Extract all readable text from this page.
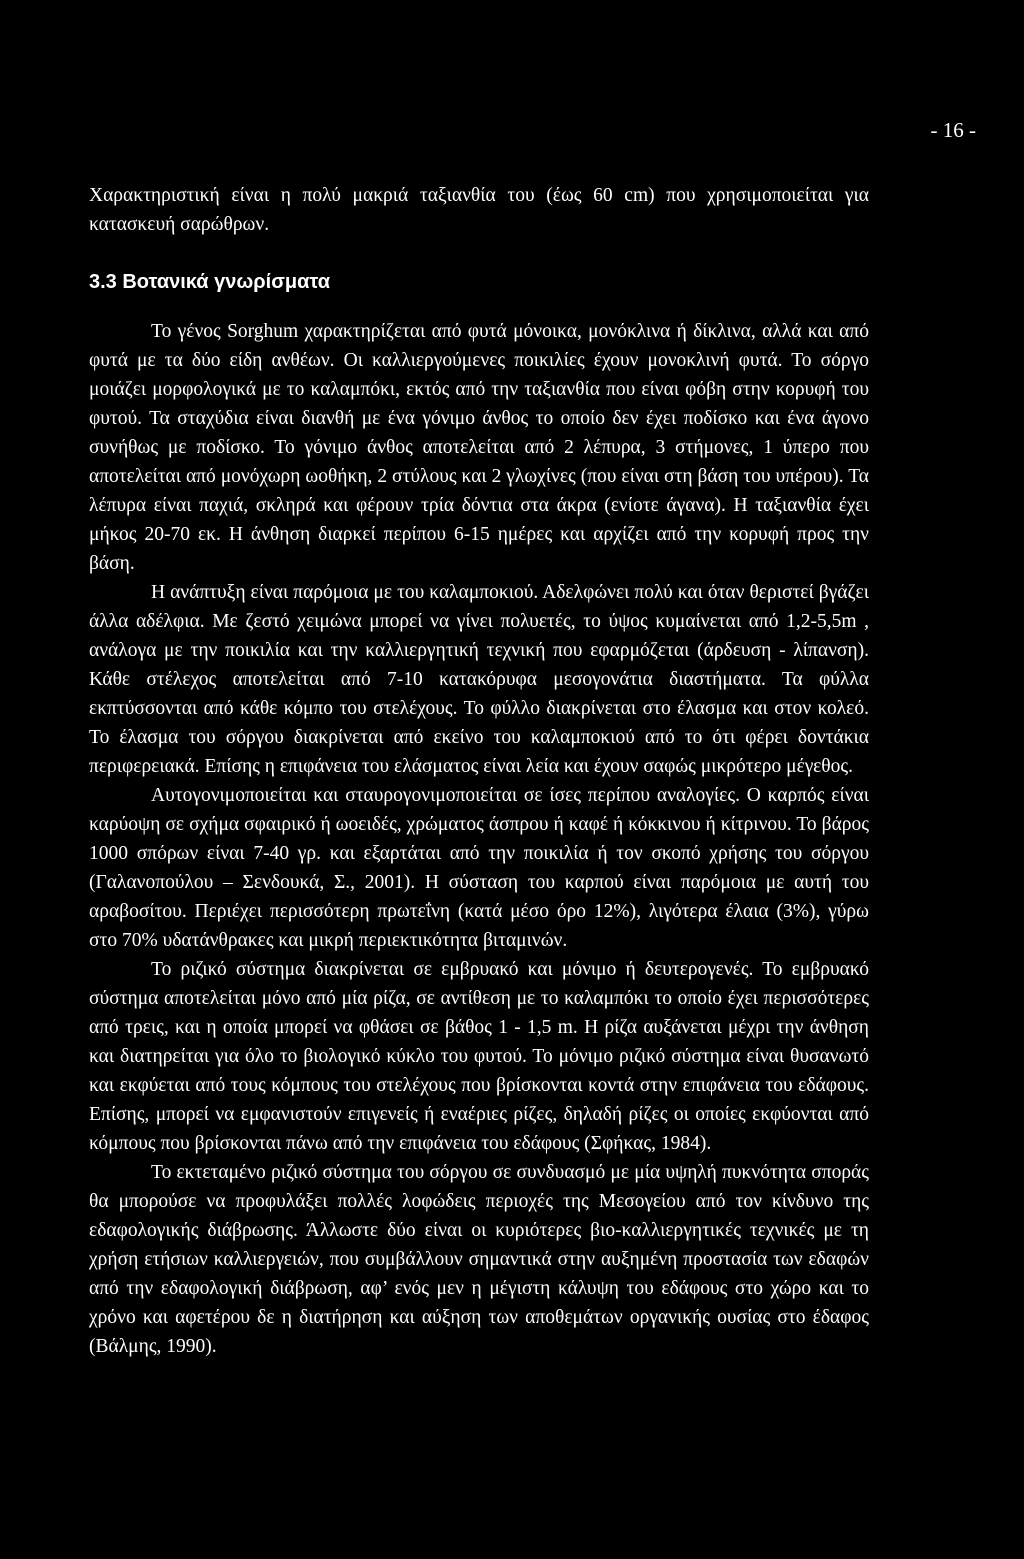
- 16 -

Χαρακτηριστική είναι η πολύ μακριά ταξιανθία του (έως 60 cm) που χρησιμοποιείται για κατασκευή σαρώθρων.

3.3 Βοτανικά γνωρίσματα

Το γένος Sorghum χαρακτηρίζεται από φυτά μόνοικα, μονόκλινα ή δίκλινα, αλλά και από φυτά με τα δύο είδη ανθέων. Οι καλλιεργούμενες ποικιλίες έχουν μονοκλινή φυτά. Το σόργο μοιάζει μορφολογικά με το καλαμπόκι, εκτός από την ταξιανθία που είναι φόβη στην κορυφή του φυτού. Τα σταχύδια είναι διανθή με ένα γόνιμο άνθος το οποίο δεν έχει ποδίσκο και ένα άγονο συνήθως με ποδίσκο. Το γόνιμο άνθος αποτελείται από 2 λέπυρα, 3 στήμονες, 1 ύπερο που αποτελείται από μονόχωρη ωοθήκη, 2 στύλους και 2 γλωχίνες (που είναι στη βάση του υπέρου). Τα λέπυρα είναι παχιά, σκληρά και φέρουν τρία δόντια στα άκρα (ενίοτε άγανα). Η ταξιανθία έχει μήκος 20-70 εκ. Η άνθηση διαρκεί περίπου 6-15 ημέρες και αρχίζει από την κορυφή προς την βάση.

Η ανάπτυξη είναι παρόμοια με του καλαμποκιού. Αδελφώνει πολύ και όταν θεριστεί βγάζει άλλα αδέλφια. Με ζεστό χειμώνα μπορεί να γίνει πολυετές, το ύψος κυμαίνεται από 1,2-5,5m , ανάλογα με την ποικιλία και την καλλιεργητική τεχνική που εφαρμόζεται (άρδευση - λίπανση). Κάθε στέλεχος αποτελείται από 7-10 κατακόρυφα μεσογονάτια διαστήματα. Τα φύλλα εκπτύσσονται από κάθε κόμπο του στελέχους. Το φύλλο διακρίνεται στο έλασμα και στον κολεό. Το έλασμα του σόργου διακρίνεται από εκείνο του καλαμποκιού από το ότι φέρει δοντάκια περιφερειακά. Επίσης η επιφάνεια του ελάσματος είναι λεία και έχουν σαφώς μικρότερο μέγεθος.

Αυτογονιμοποιείται και σταυρογονιμοποιείται σε ίσες περίπου αναλογίες. Ο καρπός είναι καρύοψη σε σχήμα σφαιρικό ή ωοειδές, χρώματος άσπρου ή καφέ ή κόκκινου ή κίτρινου. Το βάρος 1000 σπόρων είναι 7-40 γρ. και εξαρτάται από την ποικιλία ή τον σκοπό χρήσης του σόργου (Γαλανοπούλου – Σενδουκά, Σ., 2001). Η σύσταση του καρπού είναι παρόμοια με αυτή του αραβοσίτου. Περιέχει περισσότερη πρωτεΐνη (κατά μέσο όρο 12%), λιγότερα έλαια (3%), γύρω στο 70% υδατάνθρακες και μικρή περιεκτικότητα βιταμινών.

Το ριζικό σύστημα διακρίνεται σε εμβρυακό και μόνιμο ή δευτερογενές. Το εμβρυακό σύστημα αποτελείται μόνο από μία ρίζα, σε αντίθεση με το καλαμπόκι το οποίο έχει περισσότερες από τρεις, και η οποία μπορεί να φθάσει σε βάθος 1 - 1,5 m. Η ρίζα αυξάνεται μέχρι την άνθηση και διατηρείται για όλο το βιολογικό κύκλο του φυτού. Το μόνιμο ριζικό σύστημα είναι θυσανωτό και εκφύεται από τους κόμπους του στελέχους που βρίσκονται κοντά στην επιφάνεια του εδάφους. Επίσης, μπορεί να εμφανιστούν επιγενείς ή εναέριες ρίζες, δηλαδή ρίζες οι οποίες εκφύονται από κόμπους που βρίσκονται πάνω από την επιφάνεια του εδάφους (Σφήκας, 1984).

Το εκτεταμένο ριζικό σύστημα του σόργου σε συνδυασμό με μία υψηλή πυκνότητα σποράς θα μπορούσε να προφυλάξει πολλές λοφώδεις περιοχές της Μεσογείου από τον κίνδυνο της εδαφολογικής διάβρωσης. Άλλωστε δύο είναι οι κυριότερες βιο-καλλιεργητικές τεχνικές με τη χρήση ετήσιων καλλιεργειών, που συμβάλλουν σημαντικά στην αυξημένη προστασία των εδαφών από την εδαφολογική διάβρωση, αφ’ ενός μεν η μέγιστη κάλυψη του εδάφους στο χώρο και το χρόνο και αφετέρου δε η διατήρηση και αύξηση των αποθεμάτων οργανικής ουσίας στο έδαφος (Βάλμης, 1990).
